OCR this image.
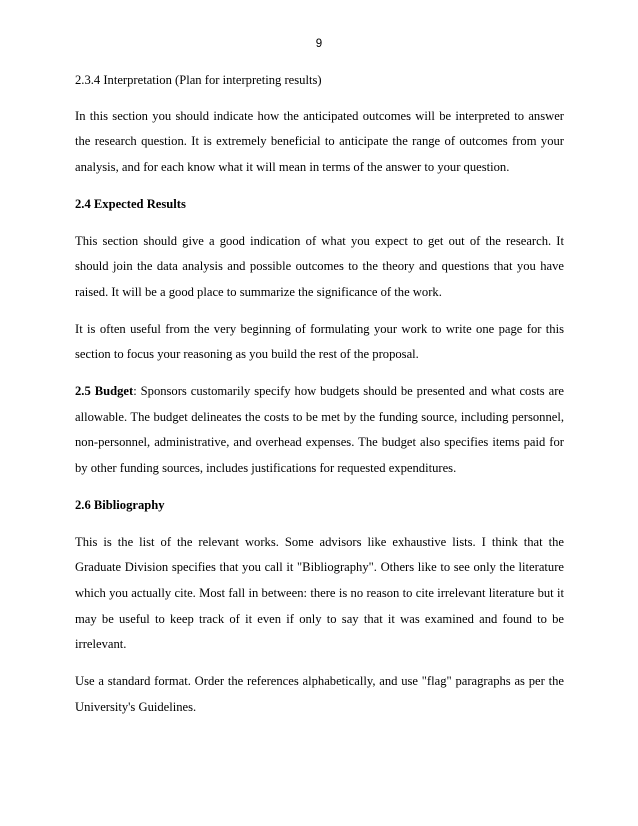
9

2.3.4 Interpretation (Plan for interpreting results)

In this section you should indicate how the anticipated outcomes will be interpreted to answer the research question. It is extremely beneficial to anticipate the range of outcomes from your analysis, and for each know what it will mean in terms of the answer to your question.

2.4 Expected Results

This section should give a good indication of what you expect to get out of the research. It should join the data analysis and possible outcomes to the theory and questions that you have raised. It will be a good place to summarize the significance of the work.

It is often useful from the very beginning of formulating your work to write one page for this section to focus your reasoning as you build the rest of the proposal.

2.5 Budget: Sponsors customarily specify how budgets should be presented and what costs are allowable. The budget delineates the costs to be met by the funding source, including personnel, non-personnel, administrative, and overhead expenses. The budget also specifies items paid for by other funding sources, includes justifications for requested expenditures.

2.6 Bibliography

This is the list of the relevant works. Some advisors like exhaustive lists. I think that the Graduate Division specifies that you call it "Bibliography". Others like to see only the literature which you actually cite. Most fall in between: there is no reason to cite irrelevant literature but it may be useful to keep track of it even if only to say that it was examined and found to be irrelevant.

Use a standard format. Order the references alphabetically, and use "flag" paragraphs as per the University's Guidelines.
